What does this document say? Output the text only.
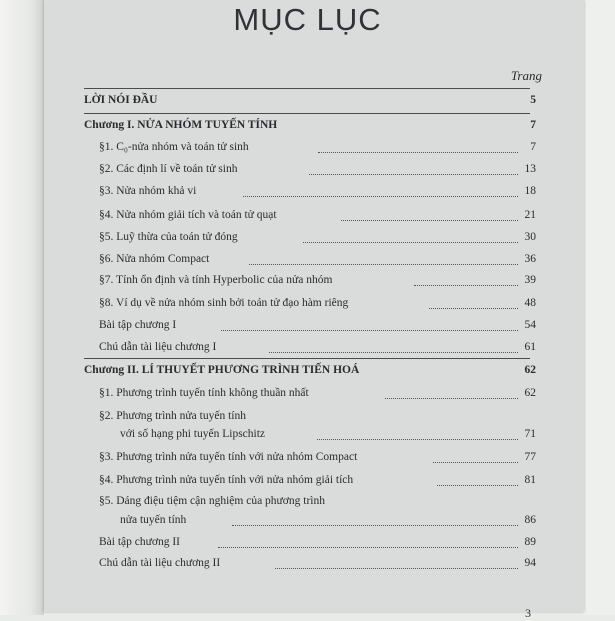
MỤC LỤC
Trang
LỜI NÓI ĐẦU	5
Chương I. NỬA NHÓM TUYẾN TÍNH	7
§1. C₀-nửa nhóm và toán tử sinh	7
§2. Các định lí về toán tử sinh	13
§3. Nửa nhóm khả vi	18
§4. Nửa nhóm giải tích và toán tử quạt	21
§5. Luỹ thừa của toán tử đóng	30
§6. Nửa nhóm Compact	36
§7. Tính ổn định và tính Hyperbolic của nửa nhóm	39
§8. Ví dụ về nửa nhóm sinh bởi toán tử đạo hàm riêng	48
Bài tập chương I	54
Chú dẫn tài liệu chương I	61
Chương II. LÍ THUYẾT PHƯƠNG TRÌNH TIẾN HOÁ	62
§1. Phương trình tuyến tính không thuần nhất	62
§2. Phương trình nửa tuyến tính
với số hạng phi tuyến Lipschitz	71
§3. Phương trình nửa tuyến tính với nửa nhóm Compact	77
§4. Phương trình nửa tuyến tính với nửa nhóm giải tích	81
§5. Dáng điệu tiệm cận nghiệm của phương trình
nửa tuyến tính	86
Bài tập chương II	89
Chú dẫn tài liệu chương II	94
3
